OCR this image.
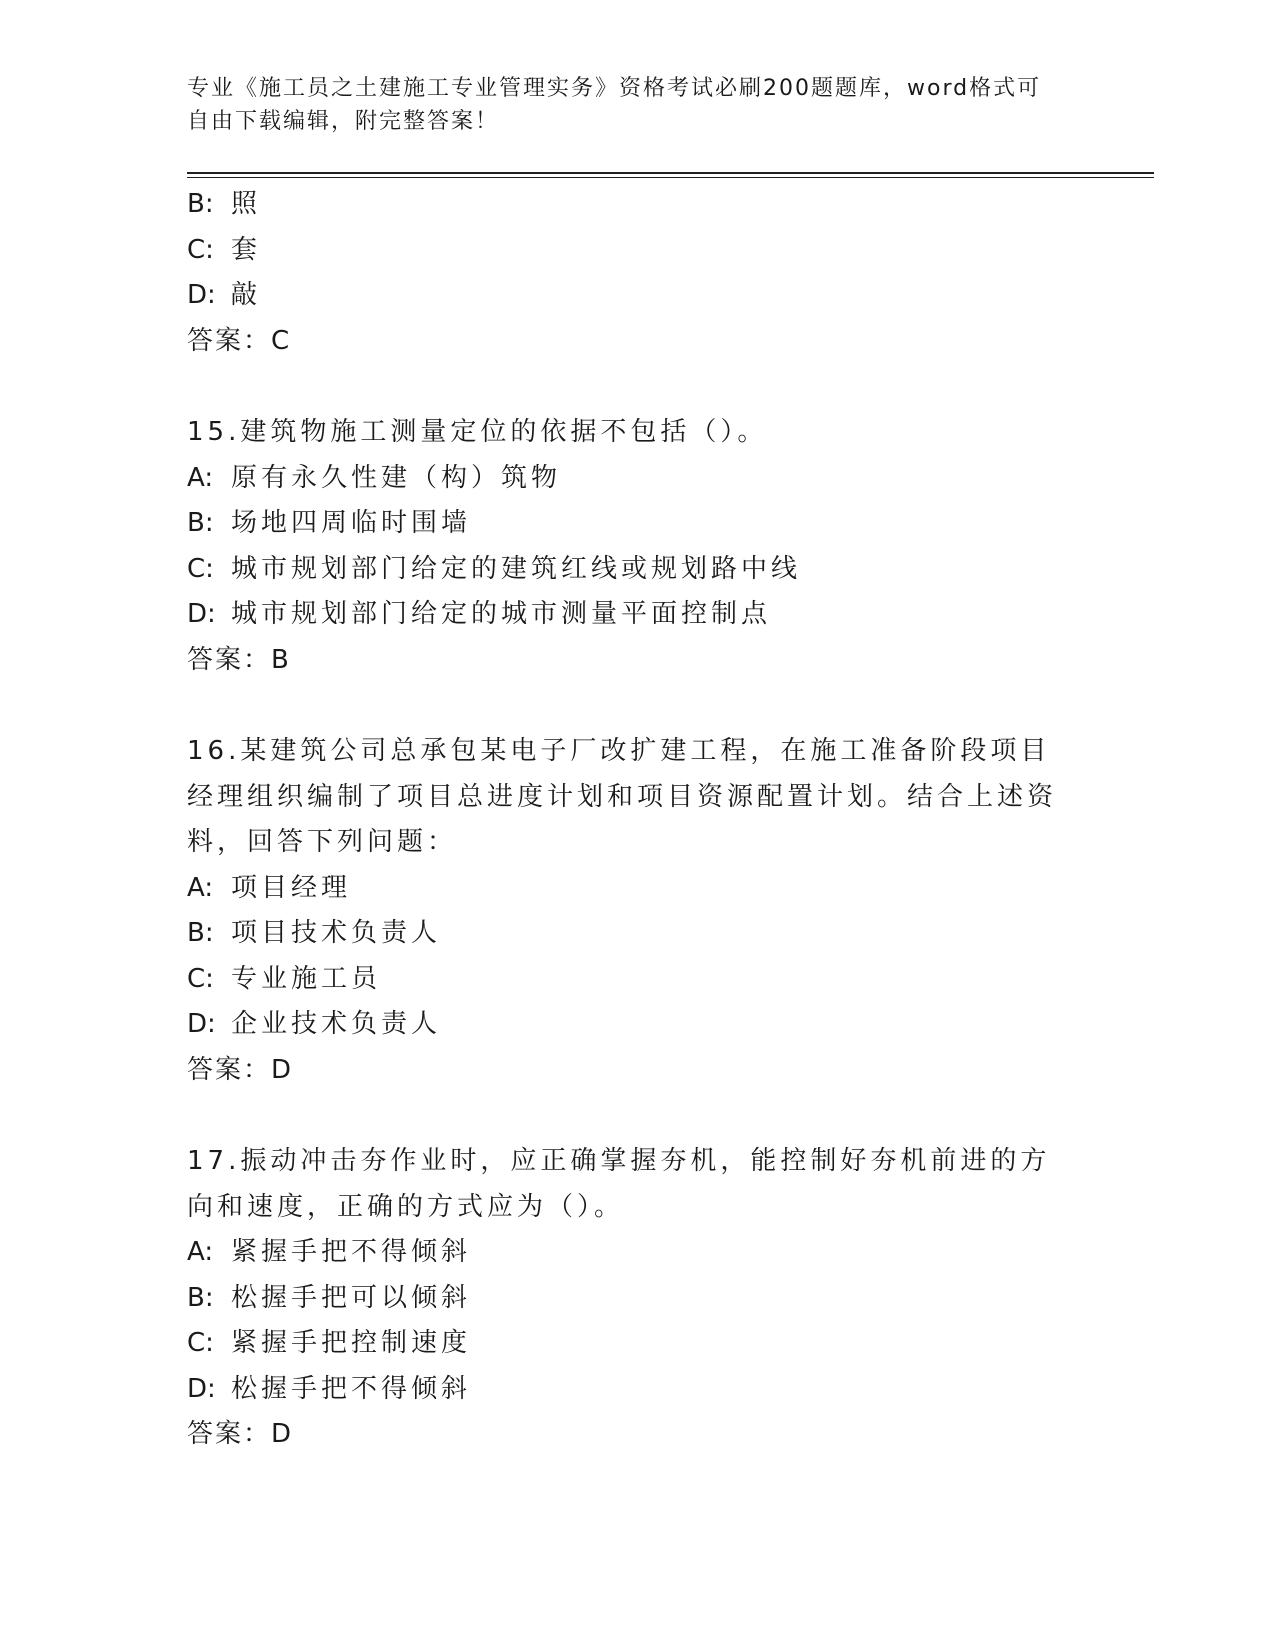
专业《施工员之土建施工专业管理实务》资格考试必刷200题题库，word格式可
自由下载编辑，附完整答案！
B: 照
C: 套
D: 敲
答案：C
15.建筑物施工测量定位的依据不包括（）。
A: 原有永久性建（构）筑物
B: 场地四周临时围墙
C: 城市规划部门给定的建筑红线或规划路中线
D: 城市规划部门给定的城市测量平面控制点
答案：B
16.某建筑公司总承包某电子厂改扩建工程，在施工准备阶段项目经理组织编制了项目总进度计划和项目资源配置计划。结合上述资料，回答下列问题：
A: 项目经理
B: 项目技术负责人
C: 专业施工员
D: 企业技术负责人
答案：D
17.振动冲击夯作业时，应正确掌握夯机，能控制好夯机前进的方向和速度，正确的方式应为（）。
A: 紧握手把不得倾斜
B: 松握手把可以倾斜
C: 紧握手把控制速度
D: 松握手把不得倾斜
答案：D
